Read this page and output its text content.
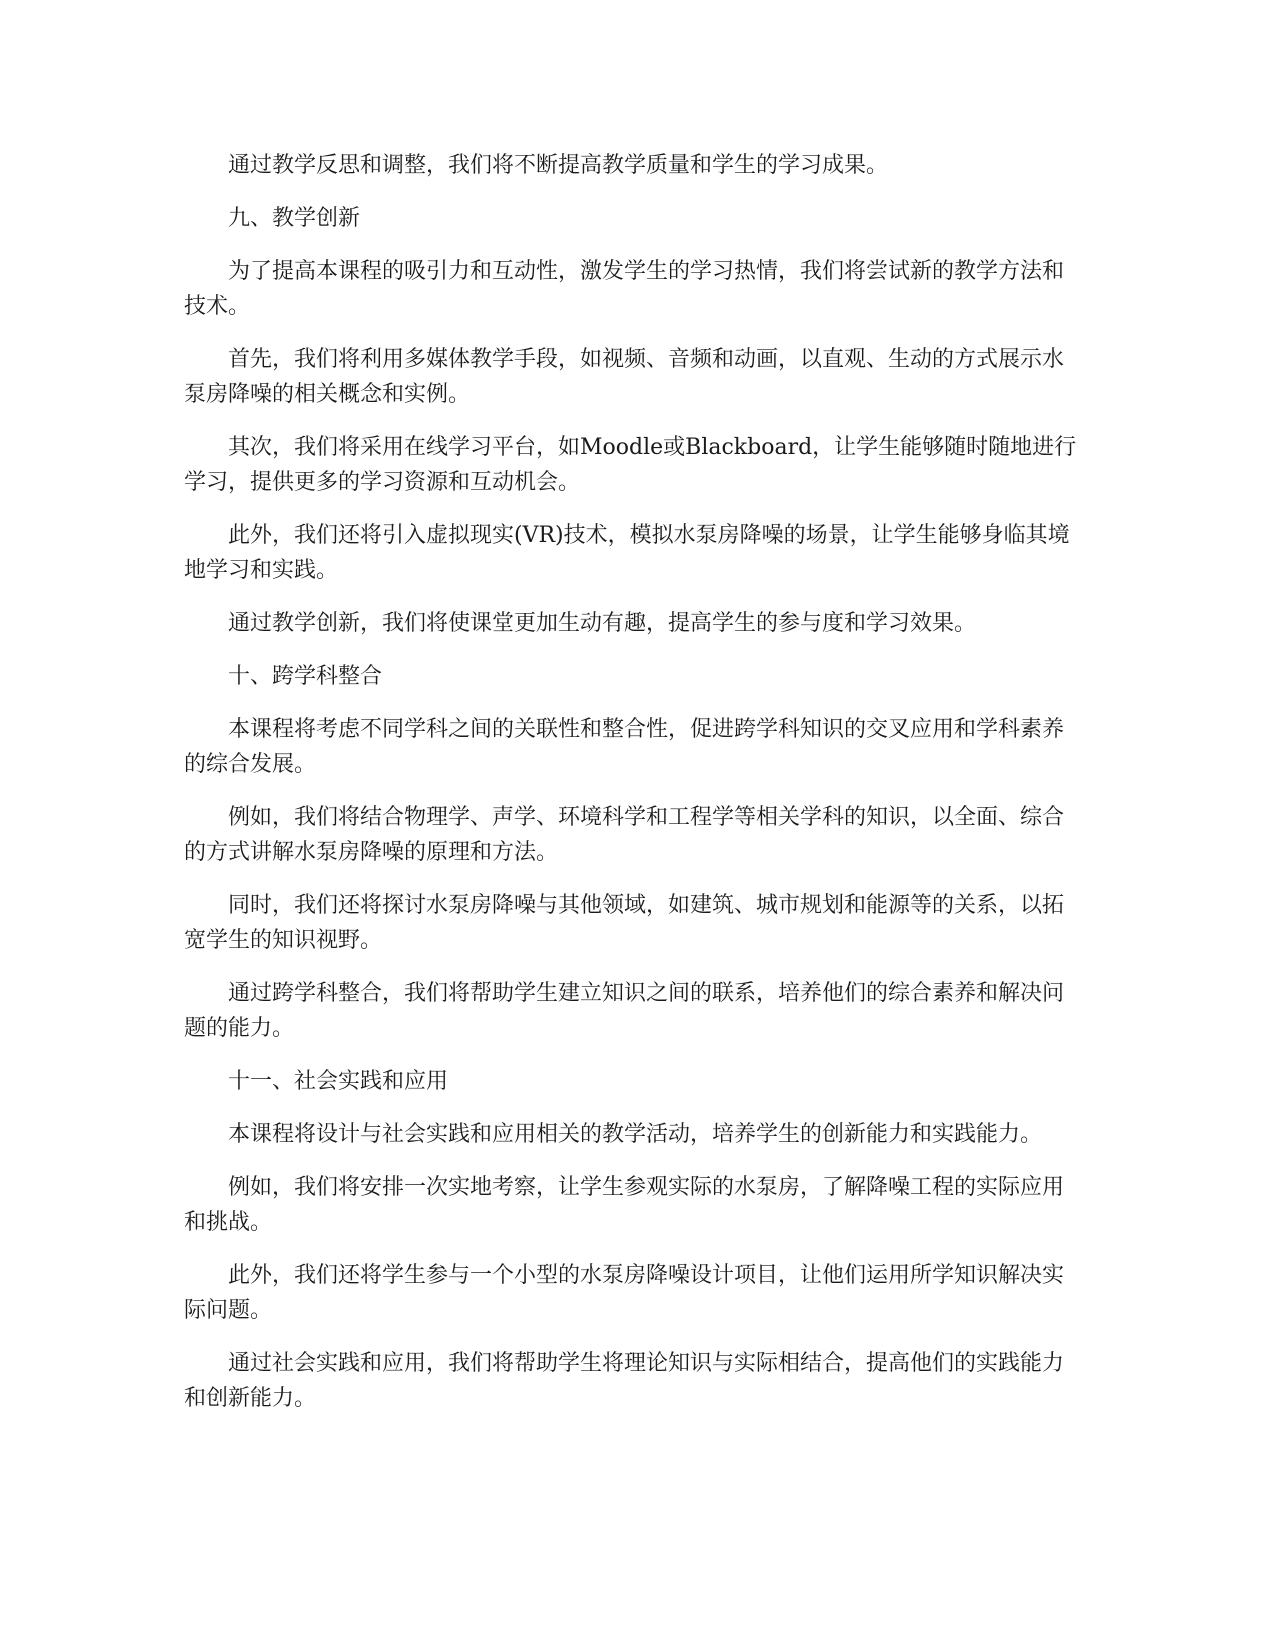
通过教学反思和调整，我们将不断提高教学质量和学生的学习成果。

九、教学创新

为了提高本课程的吸引力和互动性，激发学生的学习热情，我们将尝试新的教学方法和技术。

首先，我们将利用多媒体教学手段，如视频、音频和动画，以直观、生动的方式展示水泵房降噪的相关概念和实例。

其次，我们将采用在线学习平台，如Moodle或Blackboard，让学生能够随时随地进行学习，提供更多的学习资源和互动机会。

此外，我们还将引入虚拟现实(VR)技术，模拟水泵房降噪的场景，让学生能够身临其境地学习和实践。

通过教学创新，我们将使课堂更加生动有趣，提高学生的参与度和学习效果。

十、跨学科整合

本课程将考虑不同学科之间的关联性和整合性，促进跨学科知识的交叉应用和学科素养的综合发展。

例如，我们将结合物理学、声学、环境科学和工程学等相关学科的知识，以全面、综合的方式讲解水泵房降噪的原理和方法。

同时，我们还将探讨水泵房降噪与其他领域，如建筑、城市规划和能源等的关系，以拓宽学生的知识视野。

通过跨学科整合，我们将帮助学生建立知识之间的联系，培养他们的综合素养和解决问题的能力。

十一、社会实践和应用

本课程将设计与社会实践和应用相关的教学活动，培养学生的创新能力和实践能力。

例如，我们将安排一次实地考察，让学生参观实际的水泵房，了解降噪工程的实际应用和挑战。

此外，我们还将学生参与一个小型的水泵房降噪设计项目，让他们运用所学知识解决实际问题。

通过社会实践和应用，我们将帮助学生将理论知识与实际相结合，提高他们的实践能力和创新能力。
